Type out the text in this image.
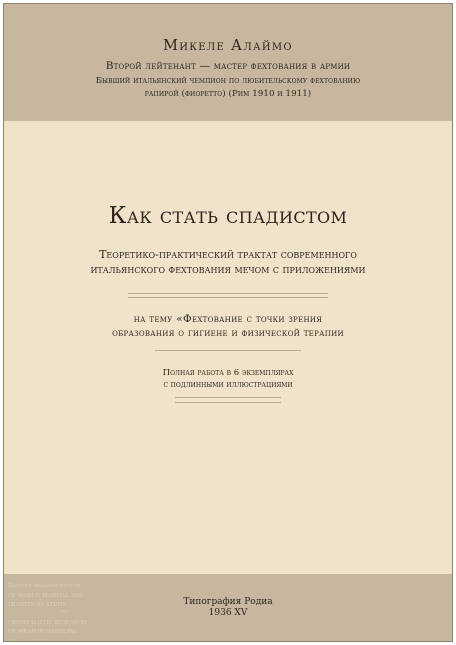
Микеле Алаймо
Второй лейтенант — мастер фехтования в армии
Бывший итальянский чемпион по любительскому фехтованию
рапирой (фиоретто) (Рим 1910 и 1911)
Как стать спадистом
Теоретико-практический трактат современного
итальянского фехтования мечом с приложениями
на тему «Фехтование с точки зрения
образования о гигиене и физической терапии
Полная работа в 6 экземплярах
с подлинными иллюстрациями
Scientific research institute
of world martial art
traditions study
and
criminalistic research
of weapon handling
Типография Родиа
1936 XV
